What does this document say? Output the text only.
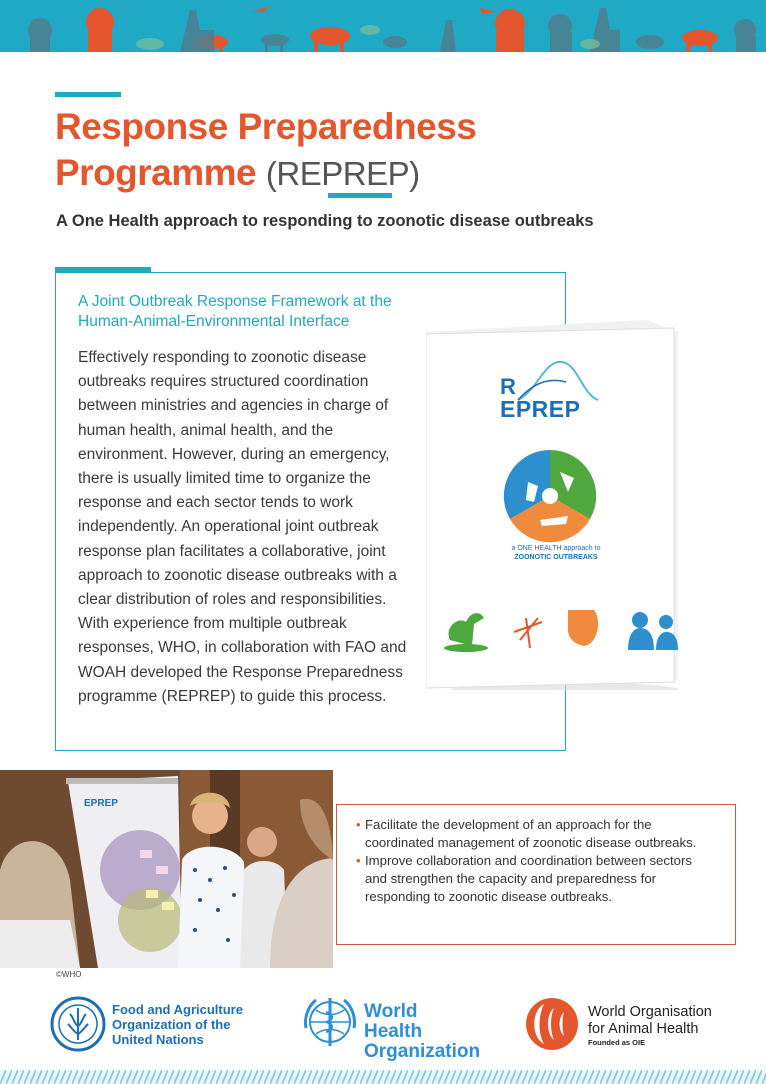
Response Preparedness
Programme (REPREP)
A One Health approach to responding to zoonotic disease outbreaks
A Joint Outbreak Response Framework at the Human-Animal-Environmental Interface
Effectively responding to zoonotic disease outbreaks requires structured coordination between ministries and agencies in charge of human health, animal health, and the environment. However, during an emergency, there is usually limited time to organize the response and each sector tends to work independently. An operational joint outbreak response plan facilitates a collaborative, joint approach to zoonotic disease outbreaks with a clear distribution of roles and responsibilities. With experience from multiple outbreak responses, WHO, in collaboration with FAO and WOAH developed the Response Preparedness programme (REPREP) to guide this process.
R
EPREP
a ONE HEALTH approach to
ZOONOTIC OUTBREAKS
EPREP
©WHO
• Facilitate the development of an approach for the coordinated management of zoonotic disease outbreaks.
• Improve collaboration and coordination between sectors and strengthen the capacity and preparedness for responding to zoonotic disease outbreaks.
Food and Agriculture
Organization of the
United Nations
World Health
Organization
World Organisation
for Animal Health
Founded as OIE
